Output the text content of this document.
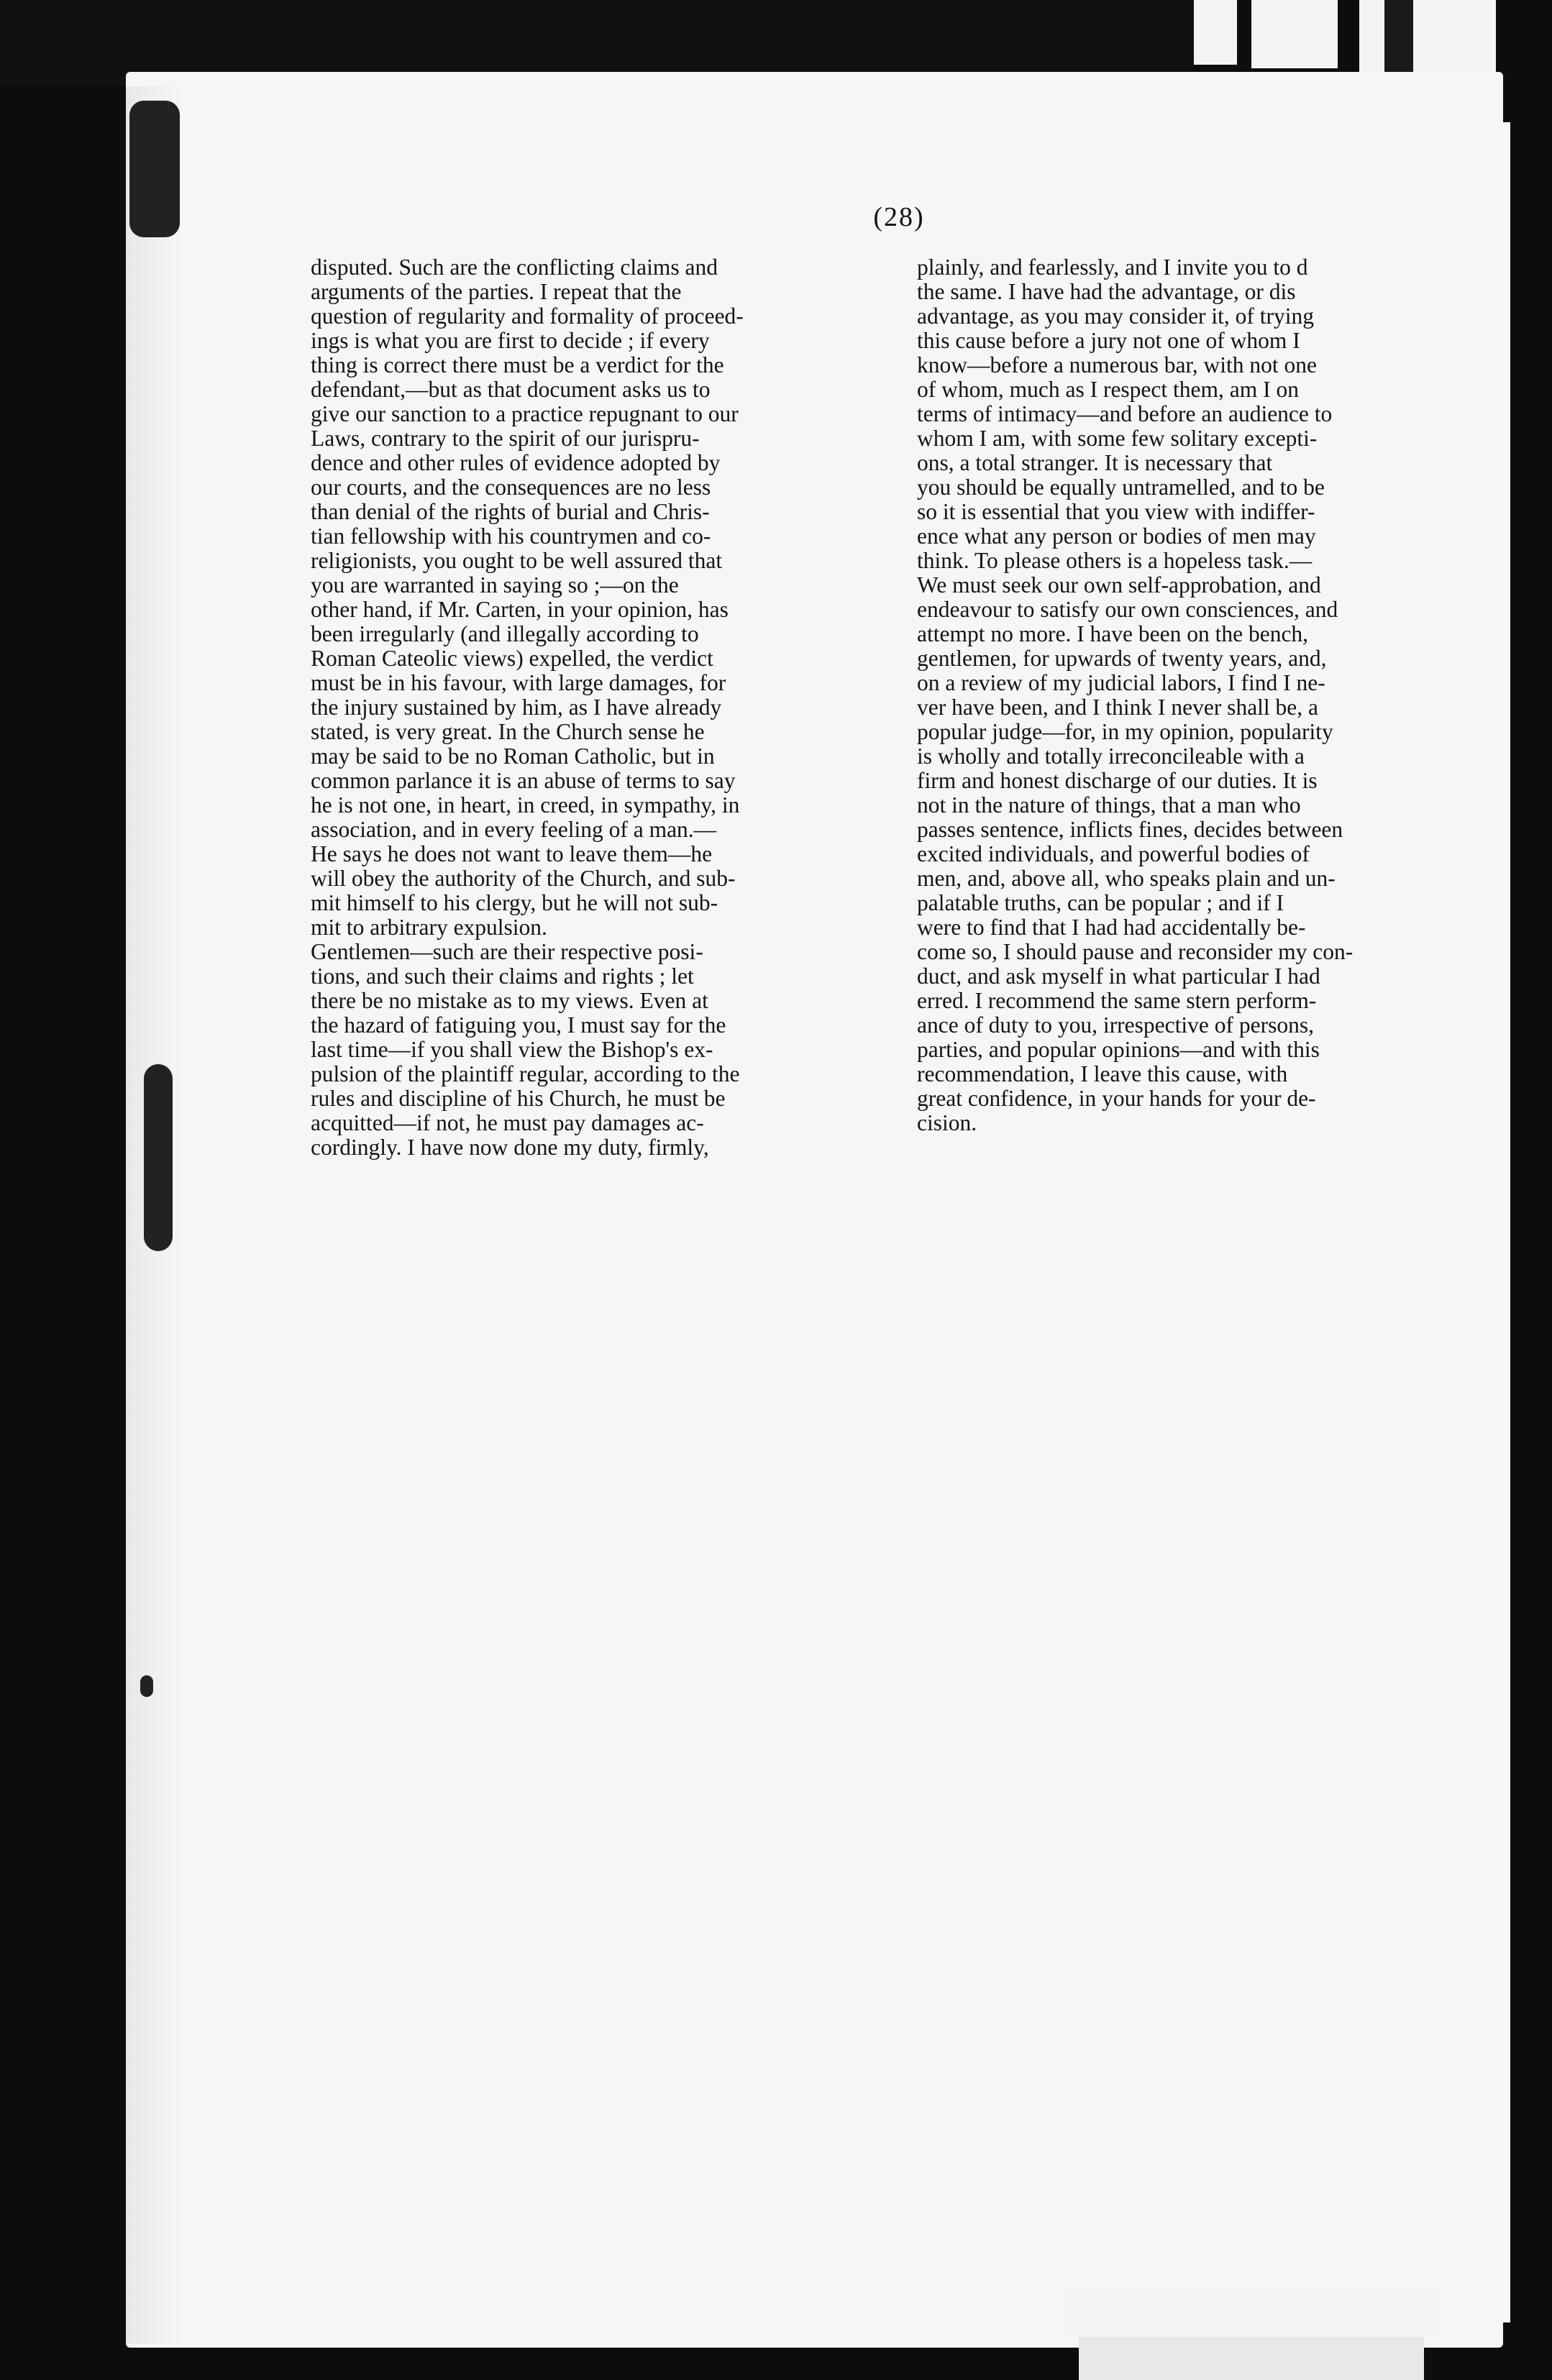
(28)

disputed. Such are the conflicting claims and
arguments of the parties. I repeat that the
question of regularity and formality of proceed-
ings is what you are first to decide ; if every
thing is correct there must be a verdict for the
defendant,—but as that document asks us to
give our sanction to a practice repugnant to our
Laws, contrary to the spirit of our jurispru-
dence and other rules of evidence adopted by
our courts, and the consequences are no less
than denial of the rights of burial and Chris-
tian fellowship with his countrymen and co-
religionists, you ought to be well assured that
you are warranted in saying so ;—on the
other hand, if Mr. Carten, in your opinion, has
been irregularly (and illegally according to
Roman Cateolic views) expelled, the verdict
must be in his favour, with large damages, for
the injury sustained by him, as I have already
stated, is very great. In the Church sense he
may be said to be no Roman Catholic, but in
common parlance it is an abuse of terms to say
he is not one, in heart, in creed, in sympathy, in
association, and in every feeling of a man.—
He says he does not want to leave them—he
will obey the authority of the Church, and sub-
mit himself to his clergy, but he will not sub-
mit to arbitrary expulsion.

Gentlemen—such are their respective posi-
tions, and such their claims and rights ; let
there be no mistake as to my views. Even at
the hazard of fatiguing you, I must say for the
last time—if you shall view the Bishop's ex-
pulsion of the plaintiff regular, according to the
rules and discipline of his Church, he must be
acquitted—if not, he must pay damages ac-
cordingly. I have now done my duty, firmly,

plainly, and fearlessly, and I invite you to d
the same. I have had the advantage, or dis
advantage, as you may consider it, of trying
this cause before a jury not one of whom I
know—before a numerous bar, with not one
of whom, much as I respect them, am I on
terms of intimacy—and before an audience to
whom I am, with some few solitary excepti-
ons, a total stranger. It is necessary that
you should be equally untramelled, and to be
so it is essential that you view with indiffer-
ence what any person or bodies of men may
think. To please others is a hopeless task.—
We must seek our own self-approbation, and
endeavour to satisfy our own consciences, and
attempt no more. I have been on the bench,
gentlemen, for upwards of twenty years, and,
on a review of my judicial labors, I find I ne-
ver have been, and I think I never shall be, a
popular judge—for, in my opinion, popularity
is wholly and totally irreconcileable with a
firm and honest discharge of our duties. It is
not in the nature of things, that a man who
passes sentence, inflicts fines, decides between
excited individuals, and powerful bodies of
men, and, above all, who speaks plain and un-
palatable truths, can be popular ; and if I
were to find that I had had accidentally be-
come so, I should pause and reconsider my con-
duct, and ask myself in what particular I had
erred. I recommend the same stern perform-
ance of duty to you, irrespective of persons,
parties, and popular opinions—and with this
recommendation, I leave this cause, with
great confidence, in your hands for your de-
cision.
